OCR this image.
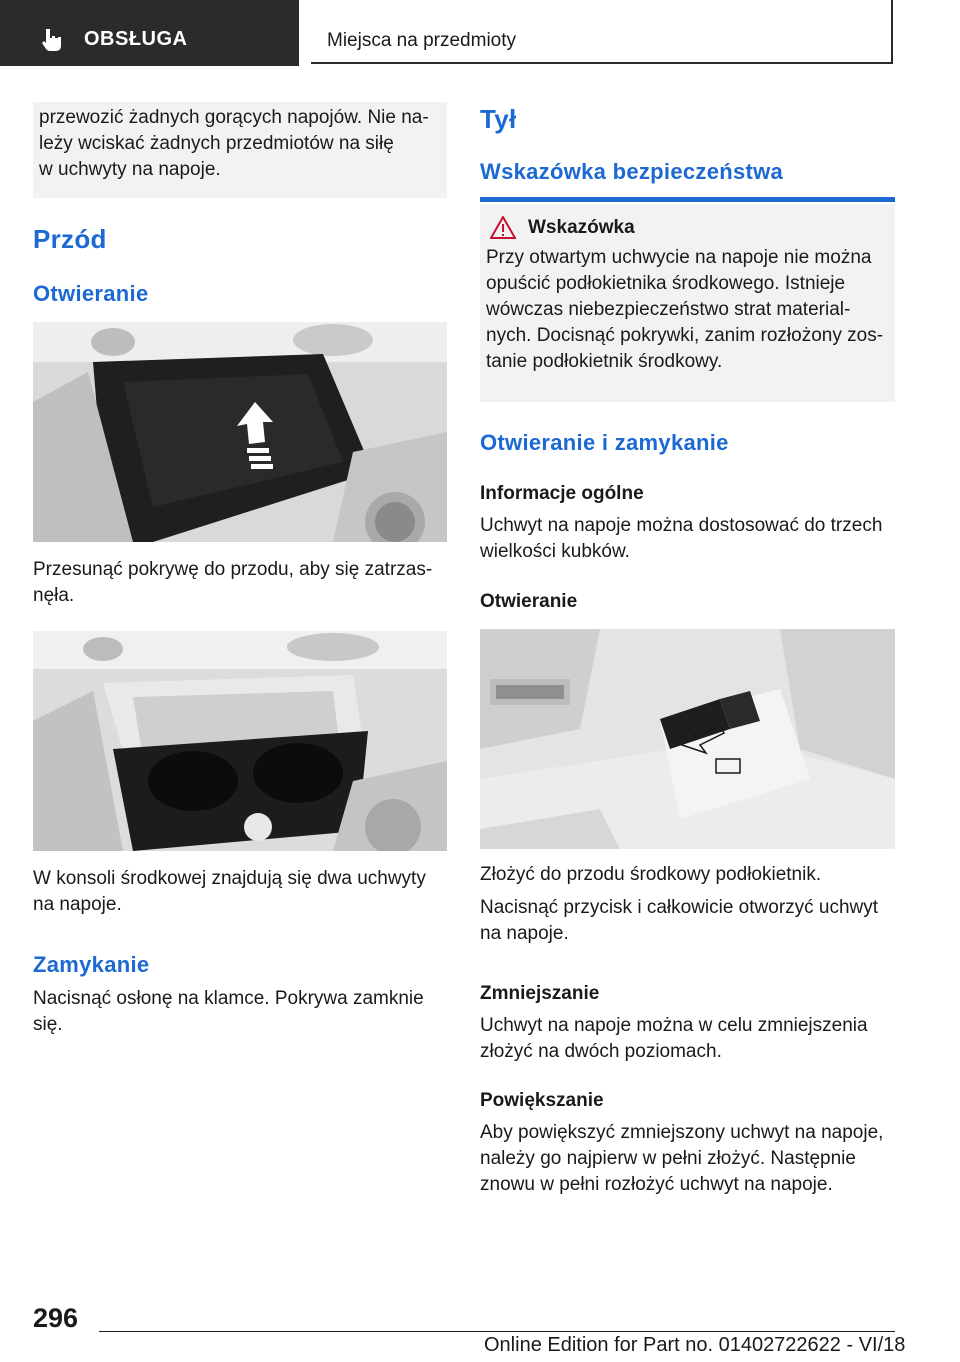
OBSŁUGA	Miejsca na przedmioty
przewozić żadnych gorących napojów. Nie na-
leży wciskać żadnych przedmiotów na siłę
w uchwyty na napoje.
Przód
Otwieranie

Przesunąć pokrywę do przodu, aby się zatrzas-
nęła.

W konsoli środkowej znajdują się dwa uchwyty
na napoje.

Zamykanie

Nacisnąć osłonę na klamce. Pokrywa zamknie
się.

Tył
Wskazówka bezpieczeństwa
Wskazówka

Przy otwartym uchwycie na napoje nie można
opuścić podłokietnika środkowego. Istnieje
wówczas niebezpieczeństwo strat material-
nych. Docisnąć pokrywki, zanim rozłożony zos-
tanie podłokietnik środkowy.

Otwieranie i zamykanie
Informacje ogólne

Uchwyt na napoje można dostosować do trzech
wielkości kubków.

Otwieranie

Złożyć do przodu środkowy podłokietnik.

Nacisnąć przycisk i całkowicie otworzyć uchwyt
na napoje.

Zmniejszanie

Uchwyt na napoje można w celu zmniejszenia
złożyć na dwóch poziomach.

Powiększanie

Aby powiększyć zmniejszony uchwyt na napoje,
należy go najpierw w pełni złożyć. Następnie
znowu w pełni rozłożyć uchwyt na napoje.

296
Online Edition for Part no. 01402722622 - VI/18
